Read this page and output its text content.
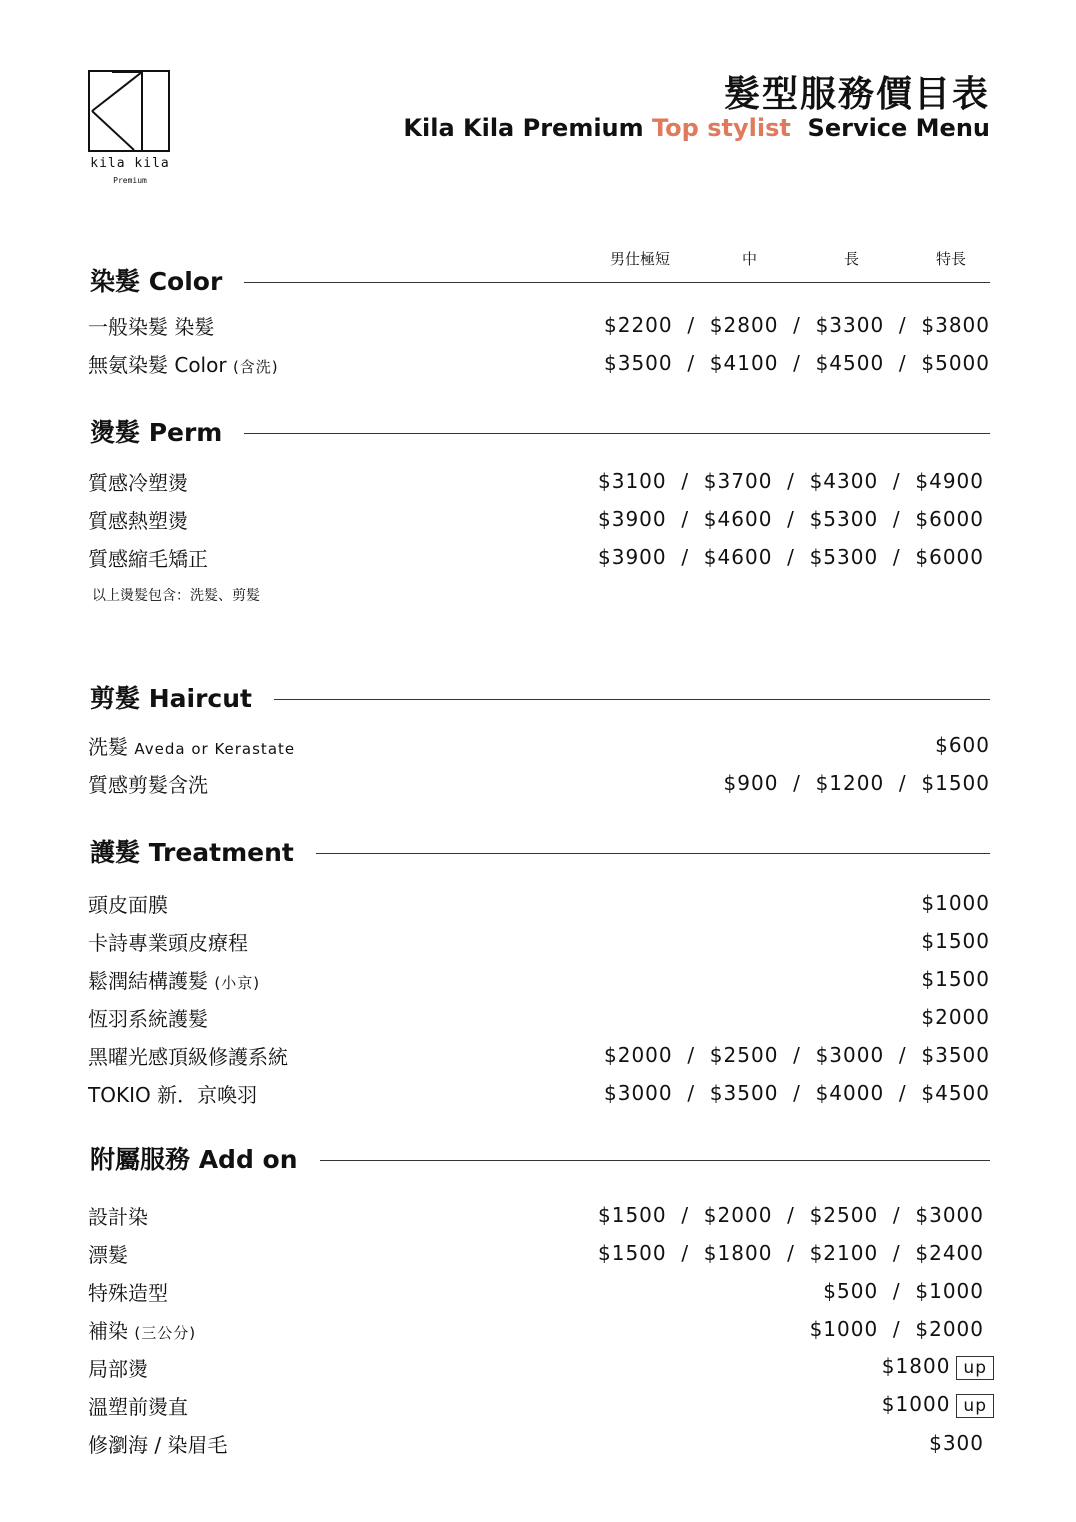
kila kila
Premium
髮型服務價目表
Kila Kila Premium Top stylist  Service Menu
男仕極短	中	長	特長
染髮 Color
一般染髮 染髮	$2200  /  $2800  /  $3300  /  $3800
無氨染髮 Color (含洗)	$3500  /  $4100  /  $4500  /  $5000
燙髮 Perm
質感冷塑燙	$3100  /  $3700  /  $4300  /  $4900
質感熱塑燙	$3900  /  $4600  /  $5300  /  $6000
質感縮毛矯正	$3900  /  $4600  /  $5300  /  $6000
以上燙髮包含：洗髮、剪髮
剪髮 Haircut
洗髮 Aveda or Kerastate	$600
質感剪髮含洗	$900  /  $1200  /  $1500
護髮 Treatment
頭皮面膜	$1000
卡詩專業頭皮療程	$1500
鬆潤結構護髮 (小京)	$1500
恆羽系統護髮	$2000
黑曜光感頂級修護系統	$2000  /  $2500  /  $3000  /  $3500
TOKIO 新．京喚羽	$3000  /  $3500  /  $4000  /  $4500
附屬服務 Add on
設計染	$1500  /  $2000  /  $2500  /  $3000
漂髮	$1500  /  $1800  /  $2100  /  $2400
特殊造型	$500  /  $1000
補染 (三公分)	$1000  /  $2000
局部燙	$1800 up
溫塑前燙直	$1000 up
修瀏海 / 染眉毛	$300
